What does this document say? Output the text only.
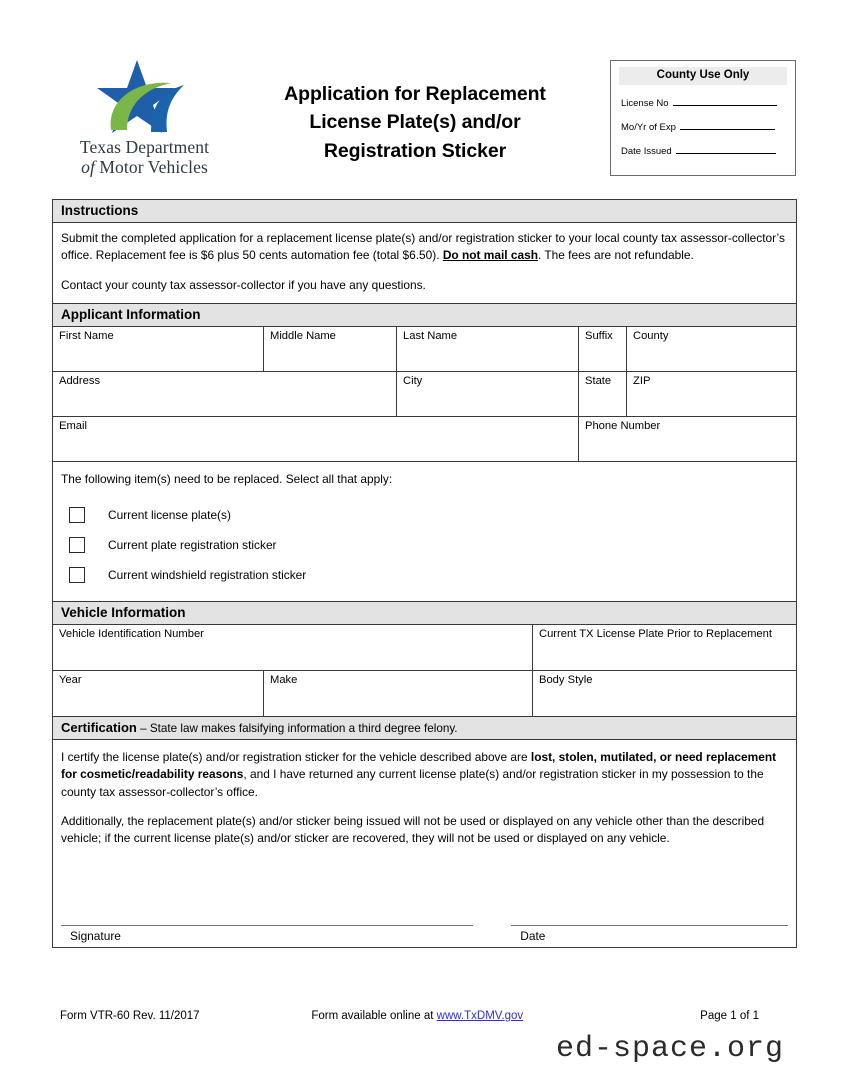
Texas Department
of Motor Vehicles
Application for Replacement
License Plate(s) and/or
Registration Sticker
County Use Only
License No
Mo/Yr of Exp
Date Issued
Instructions

Submit the completed application for a replacement license plate(s) and/or registration sticker to your local county tax assessor-collector’s office. Replacement fee is $6 plus 50 cents automation fee (total $6.50). Do not mail cash. The fees are not refundable.

Contact your county tax assessor-collector if you have any questions.

Applicant Information
First Name	Middle Name	Last Name	Suffix	County
Address	City	State	ZIP
Email	Phone Number
The following item(s) need to be replaced. Select all that apply:
Current license plate(s)
Current plate registration sticker
Current windshield registration sticker
Vehicle Information
Vehicle Identification Number	Current TX License Plate Prior to Replacement
Year	Make	Body Style
Certification – State law makes falsifying information a third degree felony.

I certify the license plate(s) and/or registration sticker for the vehicle described above are lost, stolen, mutilated, or need replacement for cosmetic/readability reasons, and I have returned any current license plate(s) and/or registration sticker in my possession to the county tax assessor-collector’s office.

Additionally, the replacement plate(s) and/or sticker being issued will not be used or displayed on any vehicle other than the described vehicle; if the current license plate(s) and/or sticker are recovered, they will not be used or displayed on any vehicle.

Signature	Date
Form VTR-60 Rev. 11/2017	Form available online at www.TxDMV.gov	Page 1 of 1
ed-space.org
